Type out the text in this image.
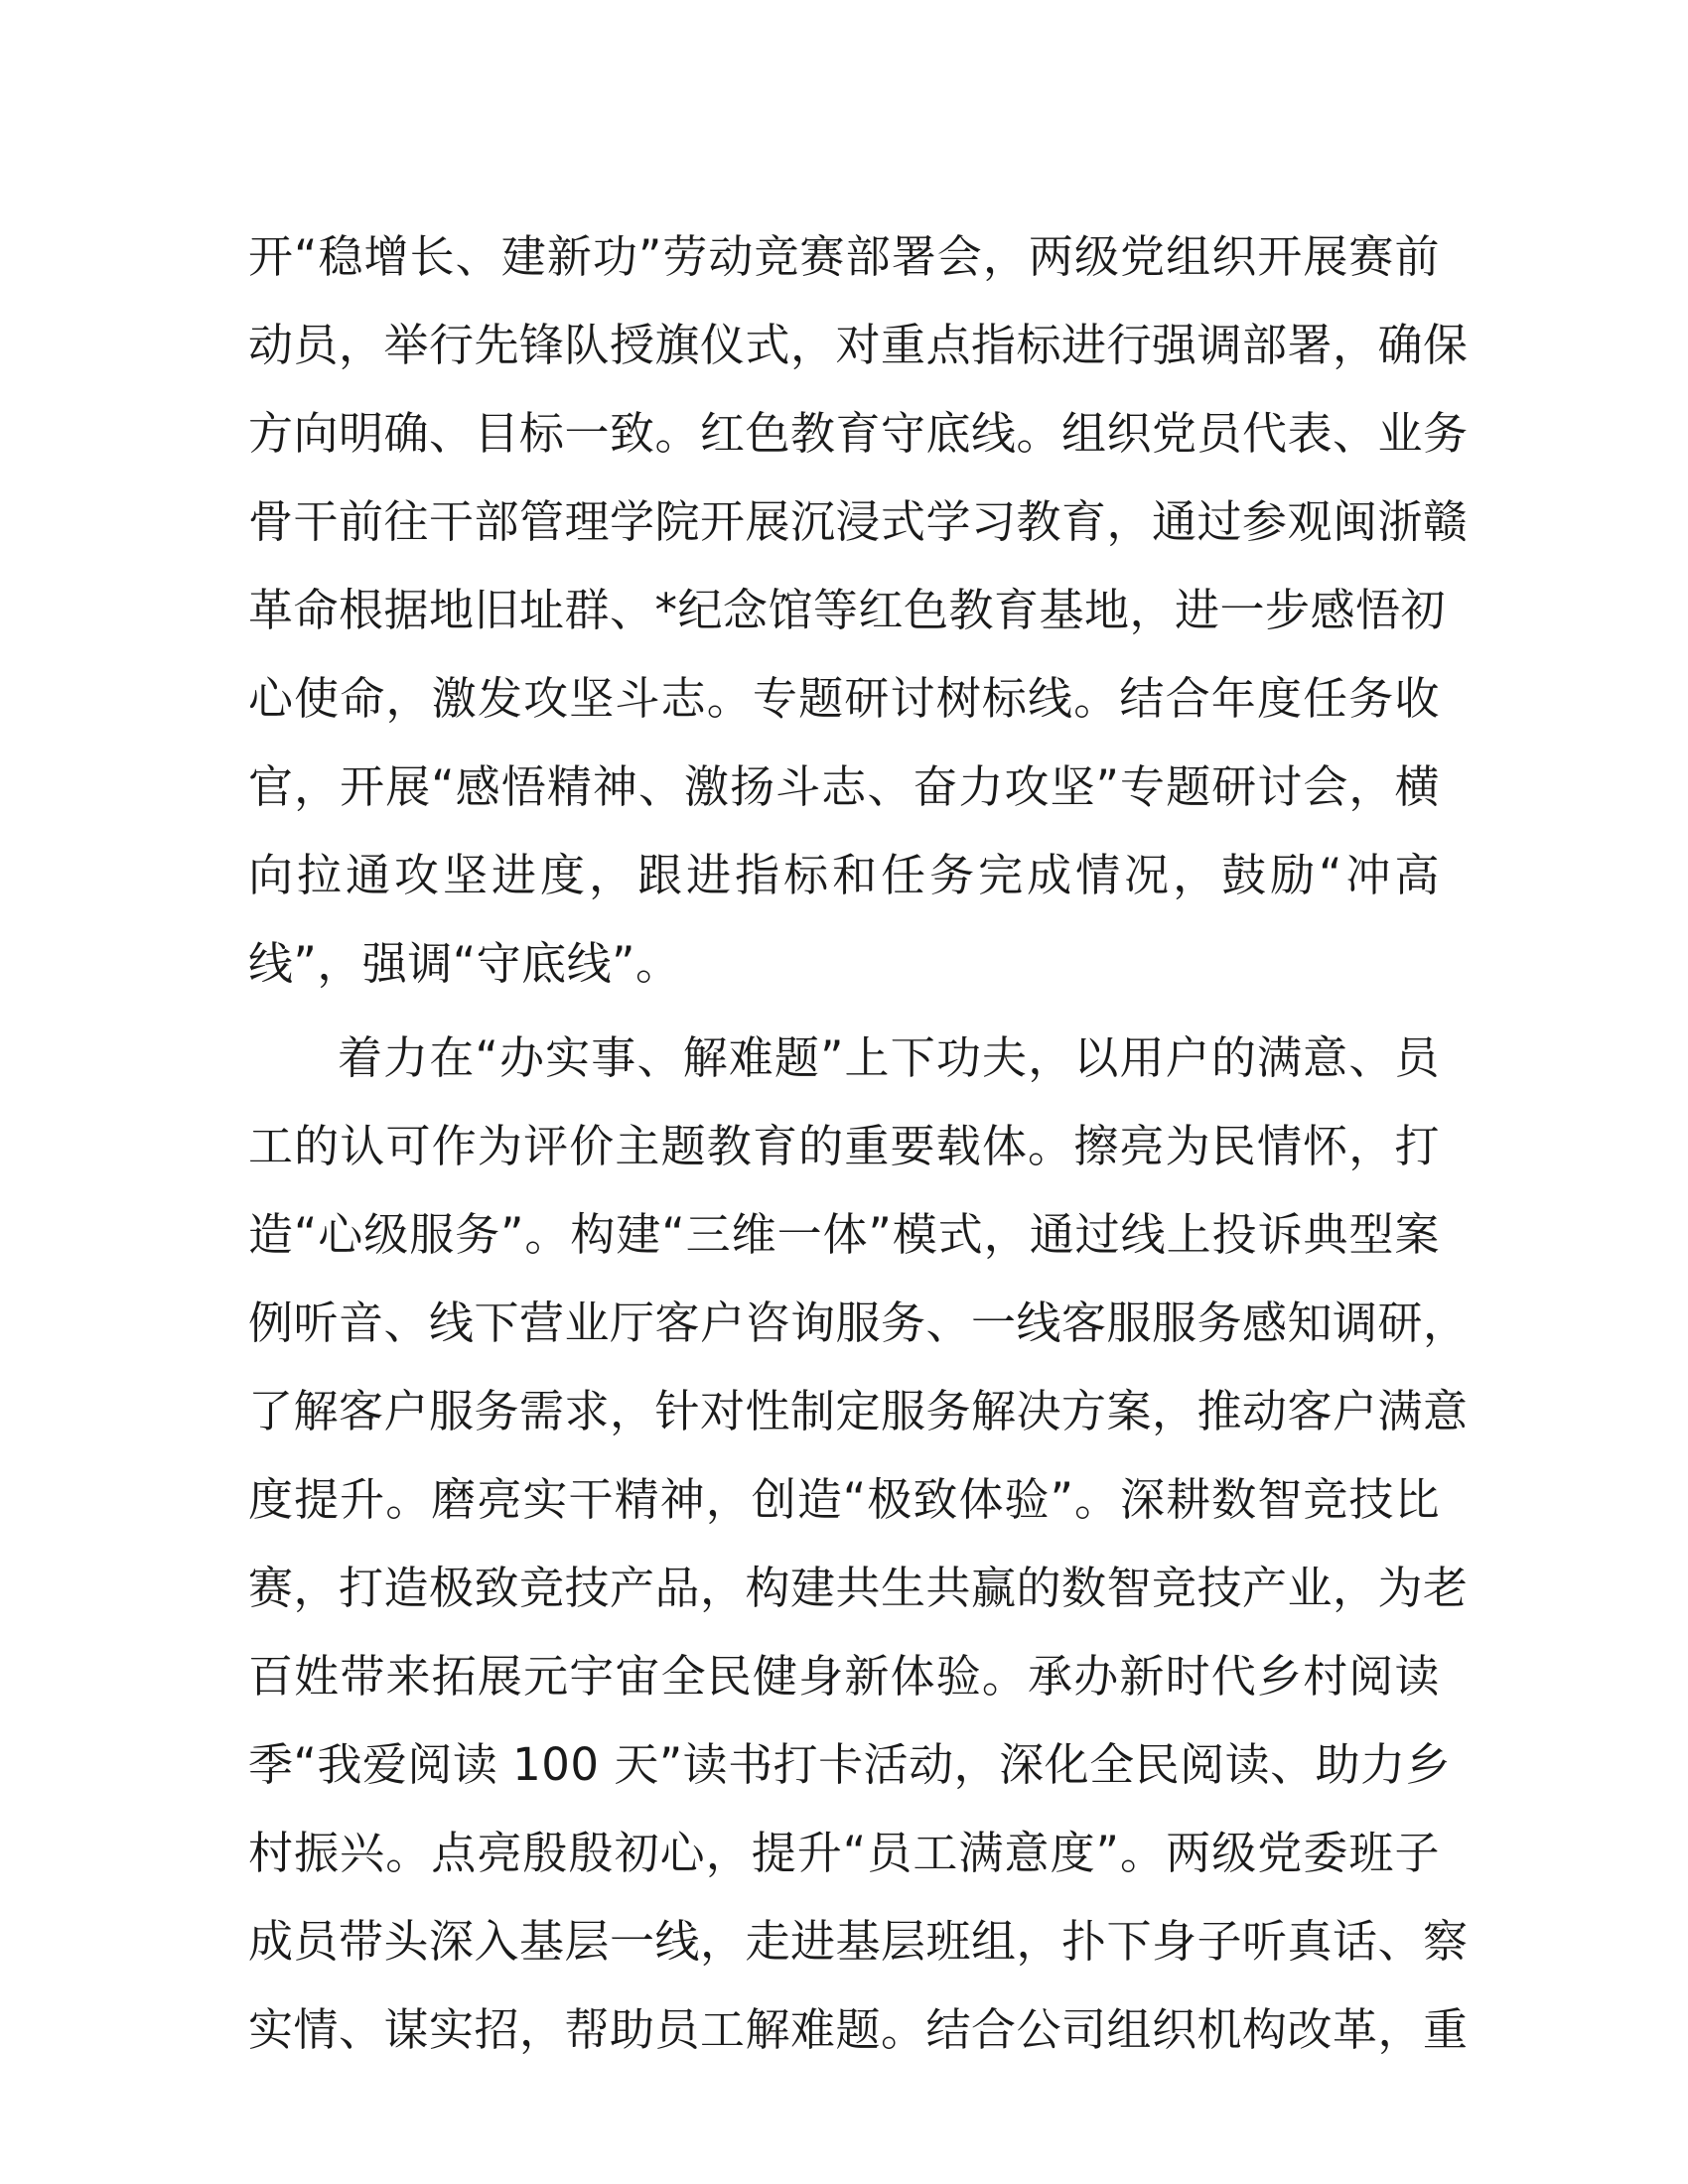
开“稳增长、建新功”劳动竞赛部署会，两级党组织开展赛前
动员，举行先锋队授旗仪式，对重点指标进行强调部署，确保
方向明确、目标一致。红色教育守底线。组织党员代表、业务
骨干前往干部管理学院开展沉浸式学习教育，通过参观闽浙赣
革命根据地旧址群、*纪念馆等红色教育基地，进一步感悟初
心使命，激发攻坚斗志。专题研讨树标线。结合年度任务收
官，开展“感悟精神、激扬斗志、奋力攻坚”专题研讨会，横
向拉通攻坚进度，跟进指标和任务完成情况，鼓励“冲高
线”，强调“守底线”。
着力在“办实事、解难题”上下功夫，以用户的满意、员
工的认可作为评价主题教育的重要载体。擦亮为民情怀，打
造“心级服务”。构建“三维一体”模式，通过线上投诉典型案
例听音、线下营业厅客户咨询服务、一线客服服务感知调研，
了解客户服务需求，针对性制定服务解决方案，推动客户满意
度提升。磨亮实干精神，创造“极致体验”。深耕数智竞技比
赛，打造极致竞技产品，构建共生共赢的数智竞技产业，为老
百姓带来拓展元宇宙全民健身新体验。承办新时代乡村阅读
季“我爱阅读 100 天”读书打卡活动，深化全民阅读、助力乡
村振兴。点亮殷殷初心，提升“员工满意度”。两级党委班子
成员带头深入基层一线，走进基层班组，扑下身子听真话、察
实情、谋实招，帮助员工解难题。结合公司组织机构改革，重
